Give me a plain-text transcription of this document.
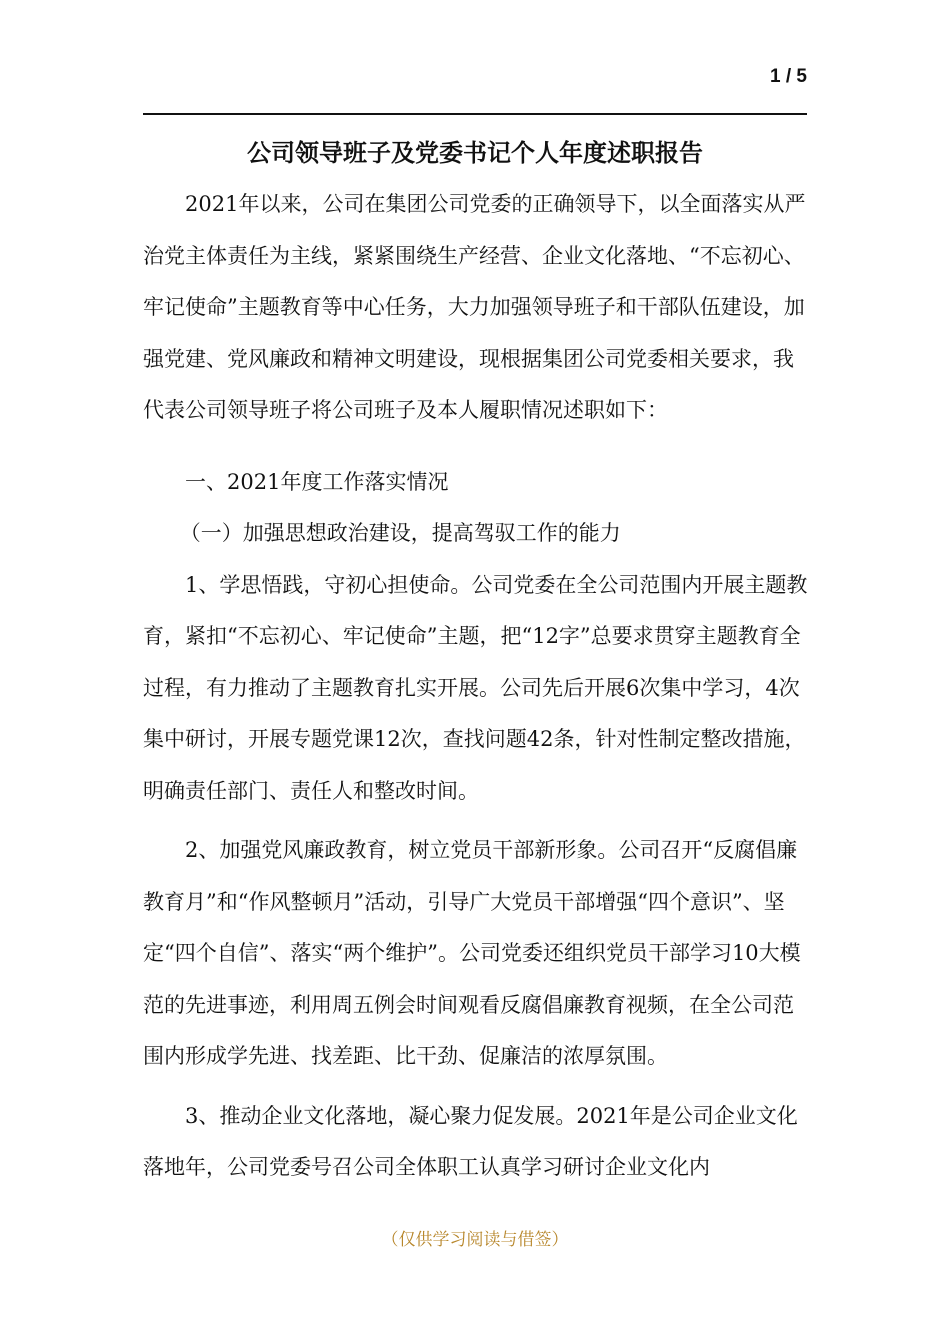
1 / 5
公司领导班子及党委书记个人年度述职报告

2021年以来，公司在集团公司党委的正确领导下，以全面落实从严治党主体责任为主线，紧紧围绕生产经营、企业文化落地、“不忘初心、牢记使命”主题教育等中心任务，大力加强领导班子和干部队伍建设，加强党建、党风廉政和精神文明建设，现根据集团公司党委相关要求，我代表公司领导班子将公司班子及本人履职情况述职如下：

一、2021年度工作落实情况

（一）加强思想政治建设，提高驾驭工作的能力

1、学思悟践，守初心担使命。公司党委在全公司范围内开展主题教育，紧扣“不忘初心、牢记使命”主题，把“12字”总要求贯穿主题教育全过程，有力推动了主题教育扎实开展。公司先后开展6次集中学习，4次集中研讨，开展专题党课12次，查找问题42条，针对性制定整改措施，明确责任部门、责任人和整改时间。

2、加强党风廉政教育，树立党员干部新形象。公司召开“反腐倡廉教育月”和“作风整顿月”活动，引导广大党员干部增强“四个意识”、坚定“四个自信”、落实“两个维护”。公司党委还组织党员干部学习10大模范的先进事迹，利用周五例会时间观看反腐倡廉教育视频，在全公司范围内形成学先进、找差距、比干劲、促廉洁的浓厚氛围。

3、推动企业文化落地，凝心聚力促发展。2021年是公司企业文化落地年，公司党委号召公司全体职工认真学习研讨企业文化内

（仅供学习阅读与借签）
